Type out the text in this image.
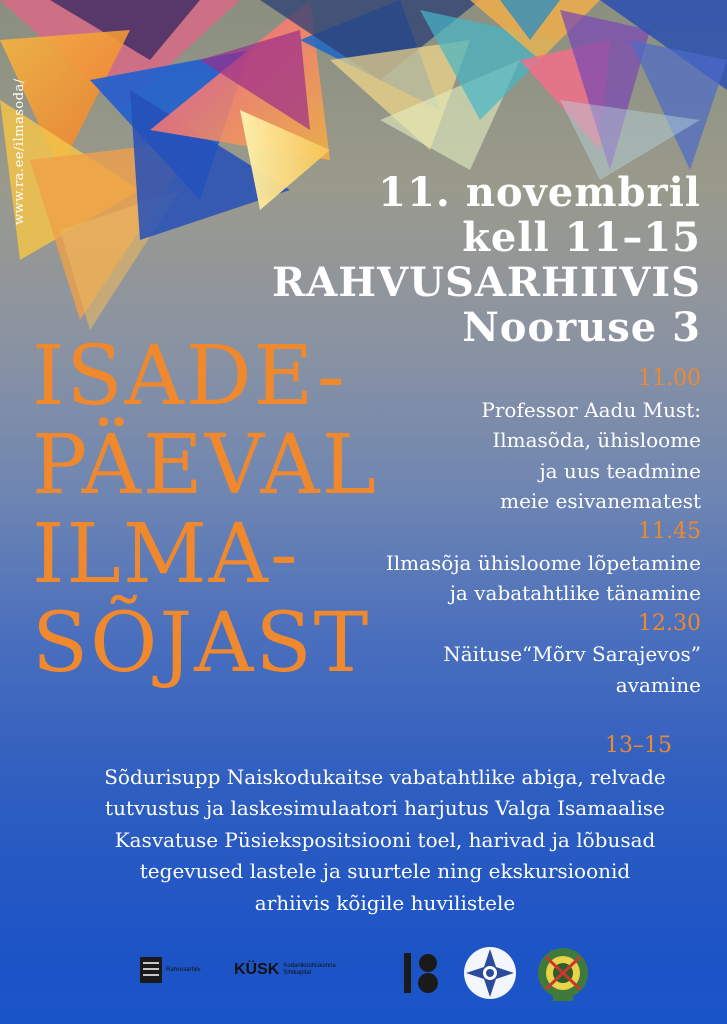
www.ra.ee/ilmasoda/	11. novembril
kell 11–15
RAHVUSARHIIVIS
Nooruse 3
ISADE-
PÄEVAL
ILMA-
SÕJAST
11.00
Professor Aadu Must:
Ilmasõda, ühisloome
ja uus teadmine
meie esivanematest
11.45
Ilmasõja ühisloome lõpetamine
ja vabatahtlike tänamine
12.30
Näituse“Mõrv Sarajevos”
avamine
13–15
Sõdurisupp Naiskodukaitse vabatahtlike abiga, relvade
tutvustus ja laskesimulaatori harjutus Valga Isamaalise
Kasvatuse Püsiekspositsiooni toel, harivad ja lõbusad
tegevused lastele ja suurtele ning ekskursioonid
arhiivis kõigile huvilistele
Rahvusarhiiv KÜSK Kodanikuühiskonna Sihtkapital
